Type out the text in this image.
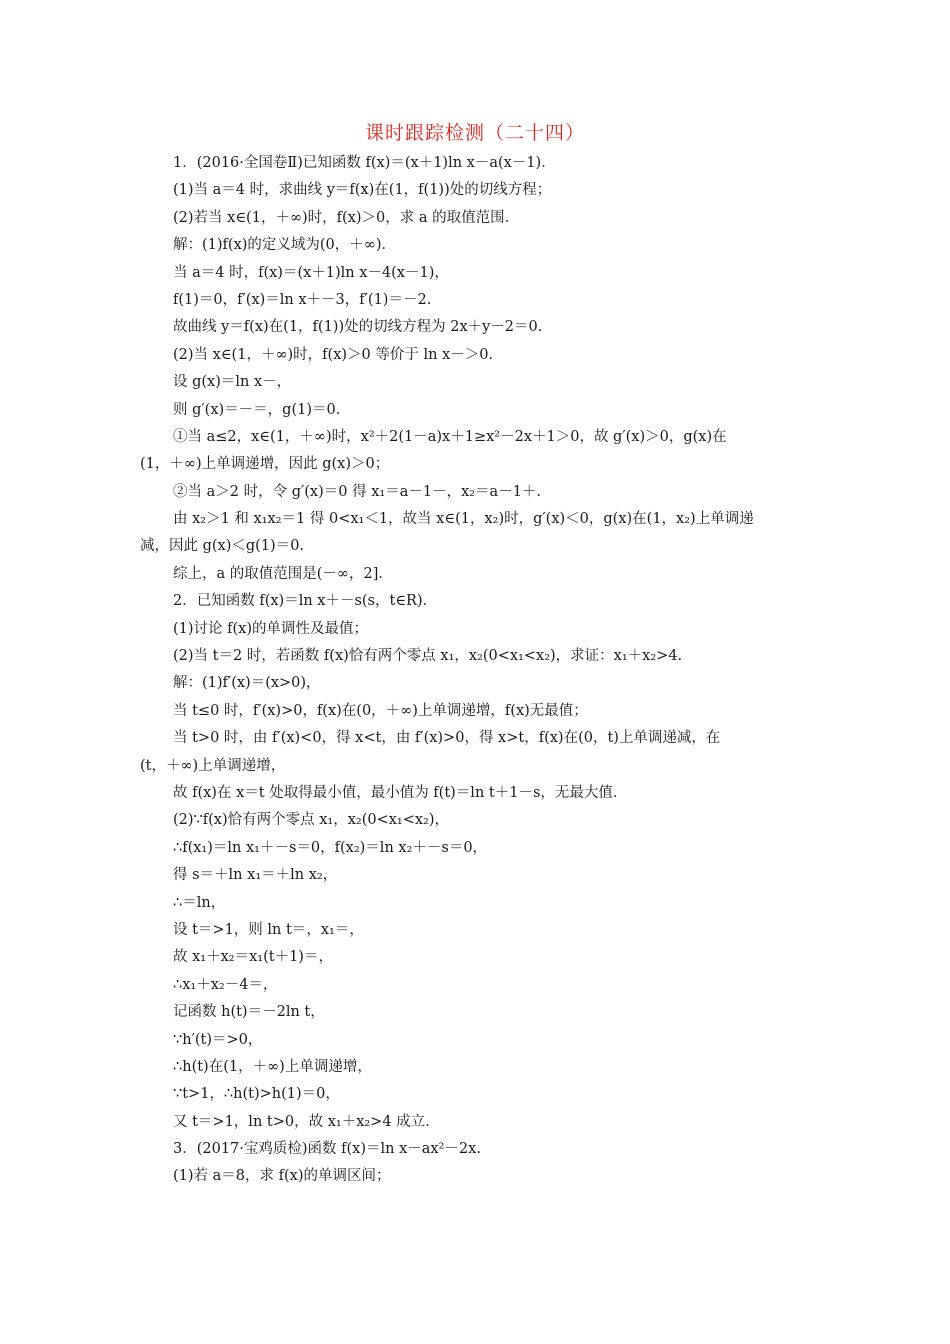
课时跟踪检测（二十四）
1．(2016·全国卷Ⅱ)已知函数 f(x)＝(x＋1)ln x－a(x－1)．
(1)当 a＝4 时，求曲线 y＝f(x)在(1，f(1))处的切线方程；
(2)若当 x∈(1，＋∞)时，f(x)＞0，求 a 的取值范围．
解：(1)f(x)的定义域为(0，＋∞)．
当 a＝4 时，f(x)＝(x＋1)ln x－4(x－1)，
f(1)＝0，f′(x)＝ln x＋－3，f′(1)＝－2.
故曲线 y＝f(x)在(1，f(1))处的切线方程为 2x＋y－2＝0.
(2)当 x∈(1，＋∞)时，f(x)＞0 等价于 ln x－＞0.
设 g(x)＝ln x－，
则 g′(x)＝－＝，g(1)＝0.
①当 a≤2，x∈(1，＋∞)时，x²＋2(1－a)x＋1≥x²－2x＋1＞0，故 g′(x)＞0，g(x)在
(1，＋∞)上单调递增，因此 g(x)＞0；
②当 a＞2 时，令 g′(x)＝0 得 x₁＝a－1－，x₂＝a－1＋.
由 x₂＞1 和 x₁x₂＝1 得 0<x₁＜1，故当 x∈(1，x₂)时，g′(x)＜0，g(x)在(1，x₂)上单调递
减，因此 g(x)＜g(1)＝0.
综上，a 的取值范围是(－∞，2]．
2．已知函数 f(x)＝ln x＋－s(s，t∈R)．
(1)讨论 f(x)的单调性及最值；
(2)当 t＝2 时，若函数 f(x)恰有两个零点 x₁，x₂(0<x₁<x₂)，求证：x₁＋x₂>4.
解：(1)f′(x)＝(x>0)，
当 t≤0 时，f′(x)>0，f(x)在(0，＋∞)上单调递增，f(x)无最值；
当 t>0 时，由 f′(x)<0，得 x<t，由 f′(x)>0，得 x>t，f(x)在(0，t)上单调递减，在
(t，＋∞)上单调递增，
故 f(x)在 x＝t 处取得最小值，最小值为 f(t)＝ln t＋1－s，无最大值．
(2)∵f(x)恰有两个零点 x₁，x₂(0<x₁<x₂)，
∴f(x₁)＝ln x₁＋－s＝0，f(x₂)＝ln x₂＋－s＝0，
得 s＝＋ln x₁＝＋ln x₂，
∴＝ln，
设 t＝>1，则 ln t＝，x₁＝，
故 x₁＋x₂＝x₁(t＋1)＝，
∴x₁＋x₂－4＝，
记函数 h(t)＝－2ln t，
∵h′(t)＝>0，
∴h(t)在(1，＋∞)上单调递增，
∵t>1，∴h(t)>h(1)＝0，
又 t＝>1，ln t>0，故 x₁＋x₂>4 成立．
3．(2017·宝鸡质检)函数 f(x)＝ln x－ax²－2x.
(1)若 a＝8，求 f(x)的单调区间；
